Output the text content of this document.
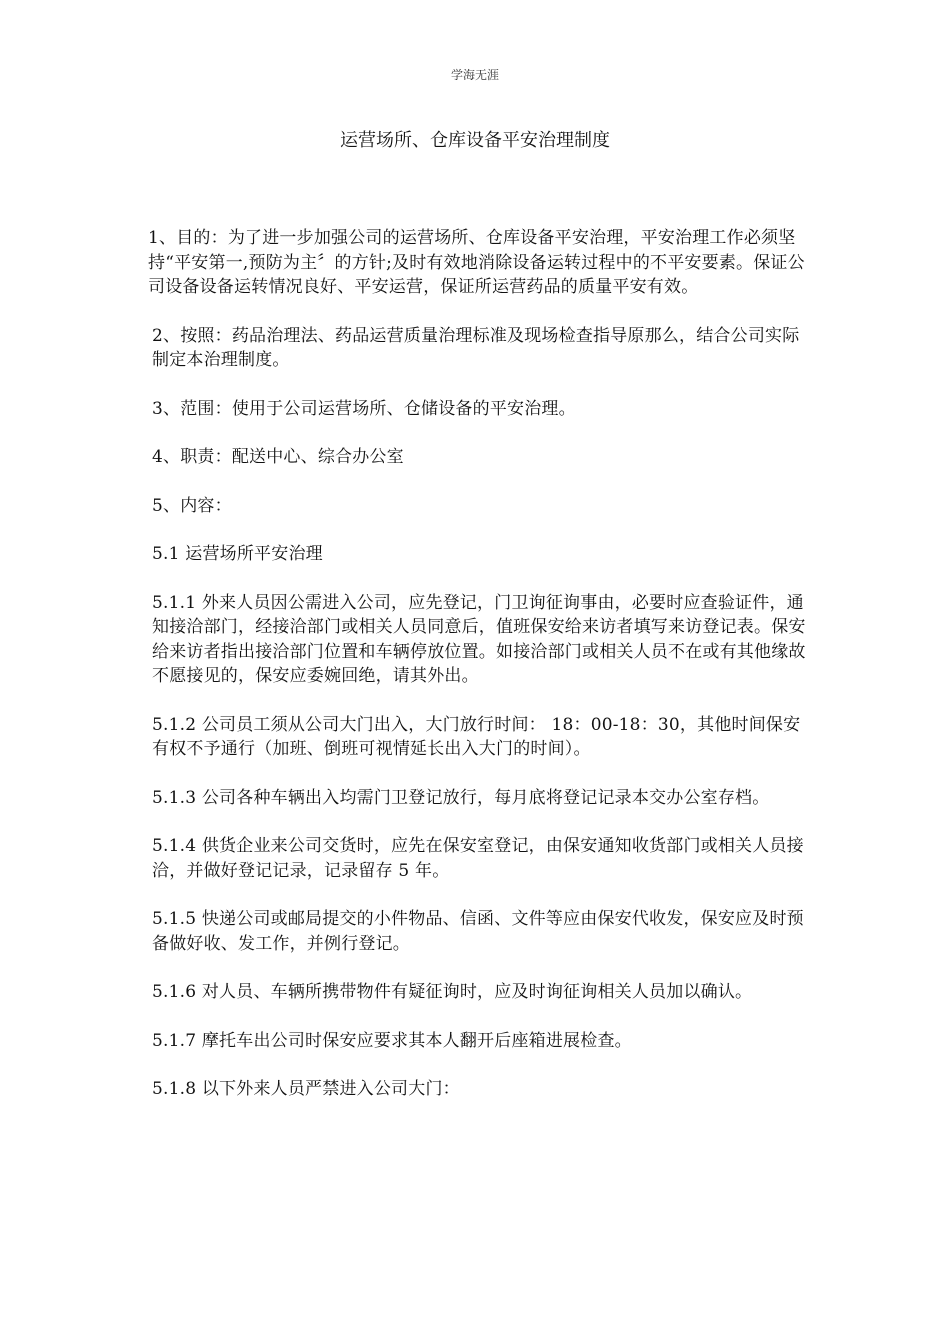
学海无涯
运营场所、仓库设备平安治理制度

1、目的：为了进一步加强公司的运营场所、仓库设备平安治理，平安治理工作必须坚持“平安第一,预防为主〞的方针;及时有效地消除设备运转过程中的不平安要素。保证公司设备设备运转情况良好、平安运营，保证所运营药品的质量平安有效。

2、按照：药品治理法、药品运营质量治理标准及现场检查指导原那么，结合公司实际制定本治理制度。

3、范围：使用于公司运营场所、仓储设备的平安治理。

4、职责：配送中心、综合办公室

5、内容：

5.1 运营场所平安治理

5.1.1 外来人员因公需进入公司，应先登记，门卫询征询事由，必要时应查验证件，通知接洽部门，经接洽部门或相关人员同意后，值班保安给来访者填写来访登记表。保安给来访者指出接洽部门位置和车辆停放位置。如接洽部门或相关人员不在或有其他缘故不愿接见的，保安应委婉回绝，请其外出。

5.1.2 公司员工须从公司大门出入，大门放行时间： 18：00-18：30，其他时间保安有权不予通行（加班、倒班可视情延长出入大门的时间）。

5.1.3 公司各种车辆出入均需门卫登记放行，每月底将登记记录本交办公室存档。

5.1.4 供货企业来公司交货时，应先在保安室登记，由保安通知收货部门或相关人员接洽，并做好登记记录，记录留存 5 年。

5.1.5 快递公司或邮局提交的小件物品、信函、文件等应由保安代收发，保安应及时预备做好收、发工作，并例行登记。

5.1.6 对人员、车辆所携带物件有疑征询时，应及时询征询相关人员加以确认。

5.1.7 摩托车出公司时保安应要求其本人翻开后座箱进展检查。

5.1.8 以下外来人员严禁进入公司大门：
